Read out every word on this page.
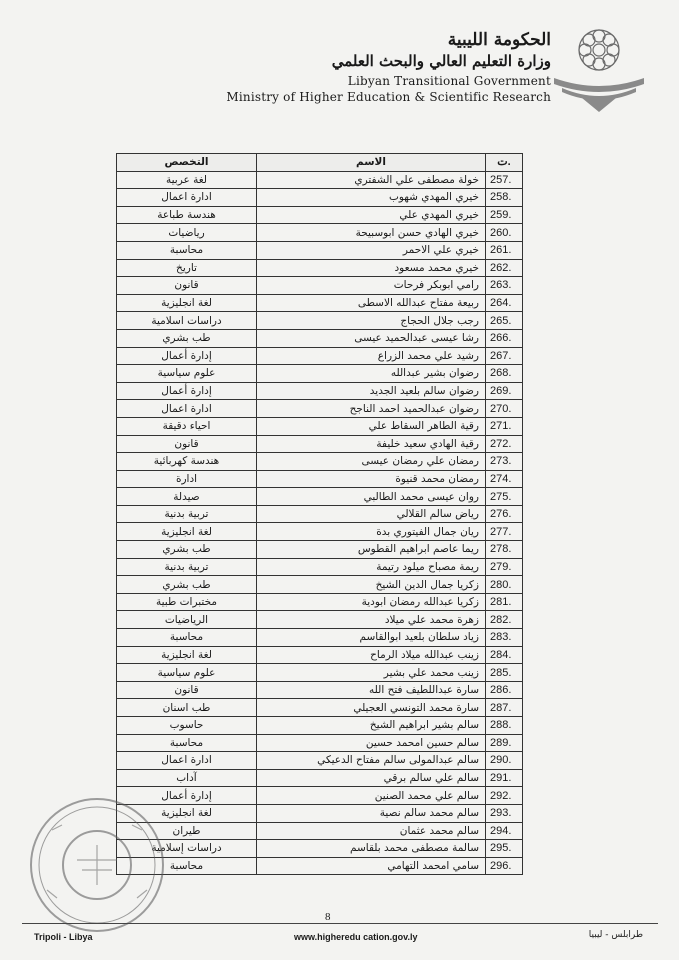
الحكومة الليبية
وزارة التعليم العالي والبحث العلمي
Libyan Transitional Government
Ministry of Higher Education & Scientific Research
التخصص	الاسم	ت.
لغة عربية	خولة مصطفى علي الشفتري	257.
ادارة اعمال	خيري المهدي شهوب	258.
هندسة طباعة	خيري المهدي علي	259.
رياضيات	خيري الهادي حسن ابوسبيحة	260.
محاسبة	خيري علي الاحمر	261.
تاريخ	خيري محمد مسعود	262.
قانون	رامي ابوبكر فرحات	263.
لغة انجليزية	ربيعة مفتاح عبدالله الاسطى	264.
دراسات اسلامية	رجب جلال الحجاج	265.
طب بشري	رشا عيسى عبدالحميد عيسى	266.
إدارة أعمال	رشيد علي محمد الزراع	267.
علوم سياسية	رضوان بشير عبدالله	268.
إدارة أعمال	رضوان سالم بلعيد الجديد	269.
ادارة اعمال	رضوان عبدالحميد احمد الناجح	270.
احياء دقيقة	رقية الطاهر السقاط علي	271.
قانون	رقية الهادي سعيد خليفة	272.
هندسة كهربائية	رمضان علي رمضان عيسى	273.
ادارة	رمضان محمد قنيوة	274.
صيدلة	روان عيسى محمد الطالبي	275.
تربية بدنية	رياض سالم القلالي	276.
لغة انجليزية	ريان جمال الفيتوري بدة	277.
طب بشري	ريما عاصم ابراهيم القطوس	278.
تربية بدنية	ريمة مصباح ميلود رتيمة	279.
طب بشري	زكريا جمال الدين الشيخ	280.
مختبرات طبية	زكريا عبدالله رمضان ابودية	281.
الرياضيات	زهرة محمد علي ميلاد	282.
محاسبة	زياد سلطان بلعيد ابوالقاسم	283.
لغة انجليزية	زينب عبدالله ميلاد الرماح	284.
علوم سياسية	زينب محمد علي بشير	285.
قانون	سارة عبداللطيف فتح الله	286.
طب اسنان	سارة محمد التونسي العجيلي	287.
حاسوب	سالم بشير ابراهيم الشيخ	288.
محاسبة	سالم حسين امحمد حسين	289.
ادارة اعمال	سالم عبدالمولى سالم مفتاح الدعيكي	290.
آداب	سالم علي سالم برقي	291.
إدارة أعمال	سالم علي محمد الصنين	292.
لغة انجليزية	سالم محمد سالم نصية	293.
طيران	سالم محمد عثمان	294.
دراسات إسلامية	سالمة مصطفى محمد بلقاسم	295.
محاسبة	سامي امحمد التهامي	296.
8
Tripoli - Libya	www.higheredu cation.gov.ly	طرابلس - ليبيا
